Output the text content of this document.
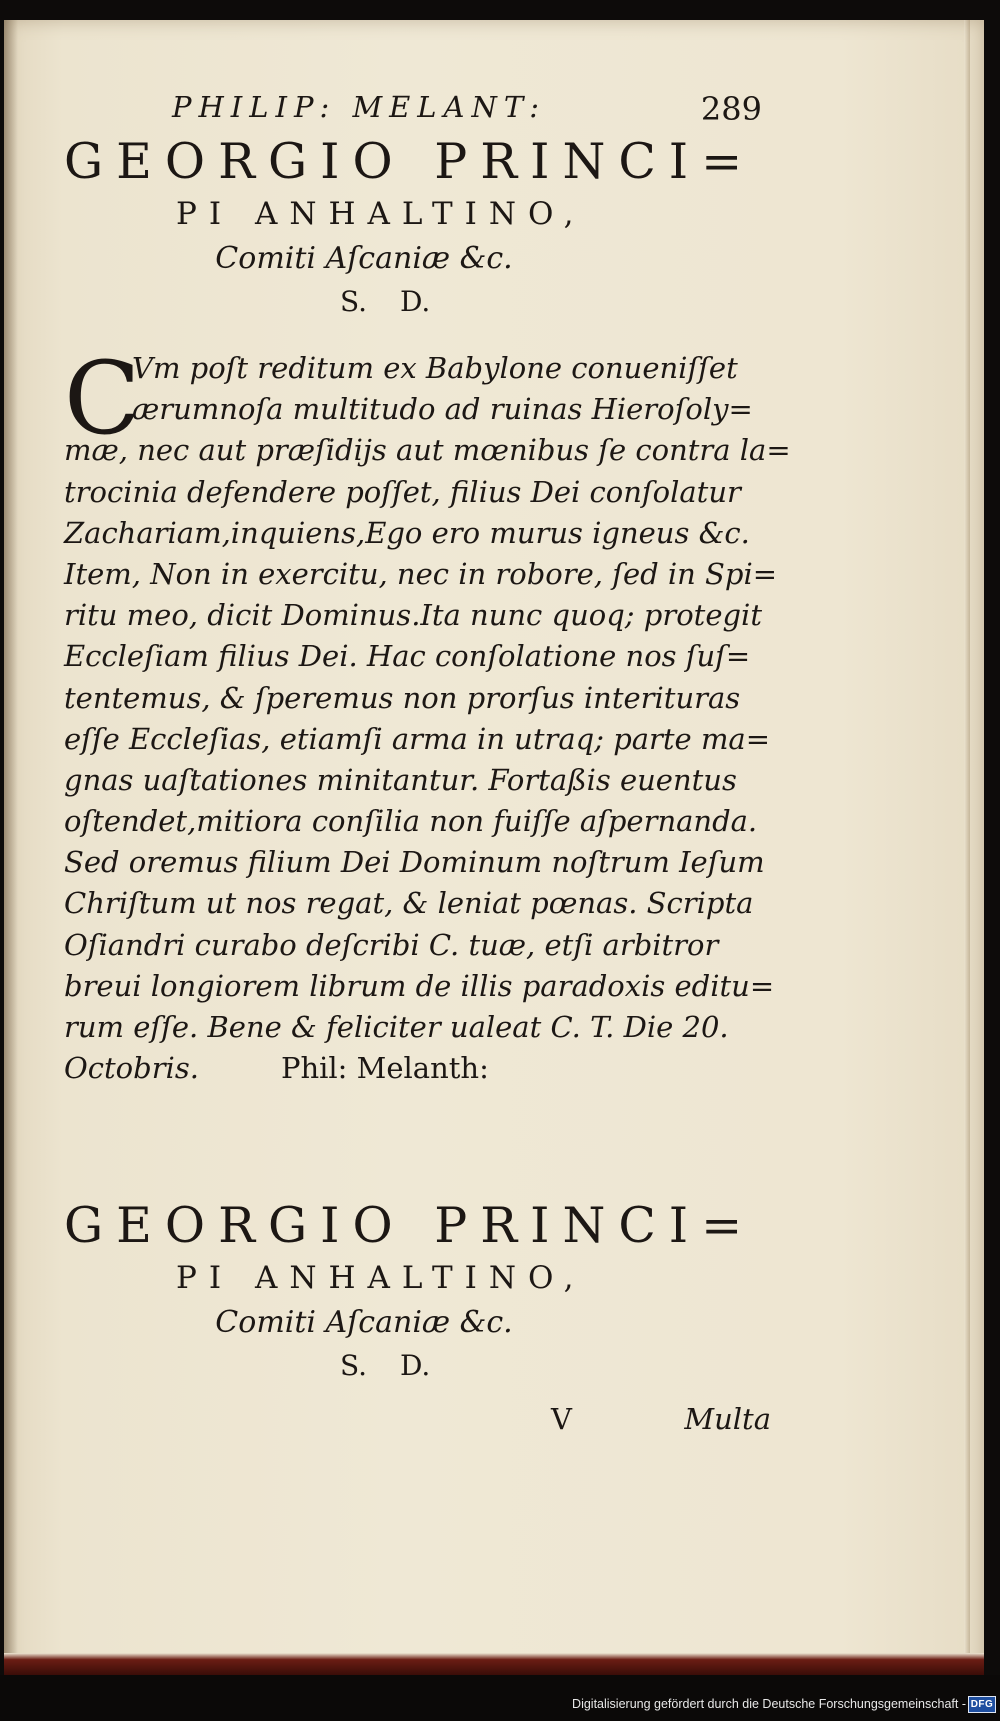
PHILIP: MELANT:	289
GEORGIO PRINCI=
PI ANHALTINO,
Comiti Aſcaniæ &c.
S. D.
C
Vm poſt reditum ex Babylone conueniſſet
ærumnoſa multitudo ad ruinas Hieroſoly=
mæ, nec aut præſidijs aut mœnibus ſe contra la=
trocinia defendere poſſet, filius Dei conſolatur
Zachariam,inquiens,Ego ero murus igneus &c.
Item, Non in exercitu, nec in robore, ſed in Spi=
ritu meo, dicit Dominus.Ita nunc quoq; protegit
Eccleſiam filius Dei. Hac conſolatione nos ſuſ=
tentemus, & ſperemus non prorſus interituras
eſſe Eccleſias, etiamſi arma in utraq; parte ma=
gnas uaſtationes minitantur. Fortaßis euentus
oſtendet,mitiora conſilia non fuiſſe aſpernanda.
Sed oremus filium Dei Dominum noſtrum Ieſum
Chriſtum ut nos regat, & leniat pœnas. Scripta
Oſiandri curabo deſcribi C. tuæ, etſi arbitror
breui longiorem librum de illis paradoxis editu=
rum eſſe. Bene & feliciter ualeat C. T. Die 20.
Octobris.	Phil: Melanth:
GEORGIO PRINCI=
PI ANHALTINO,
Comiti Aſcaniæ &c.
S. D.
V	Multa
Digitalisierung gefördert durch die Deutsche Forschungsgemeinschaft - DFG
